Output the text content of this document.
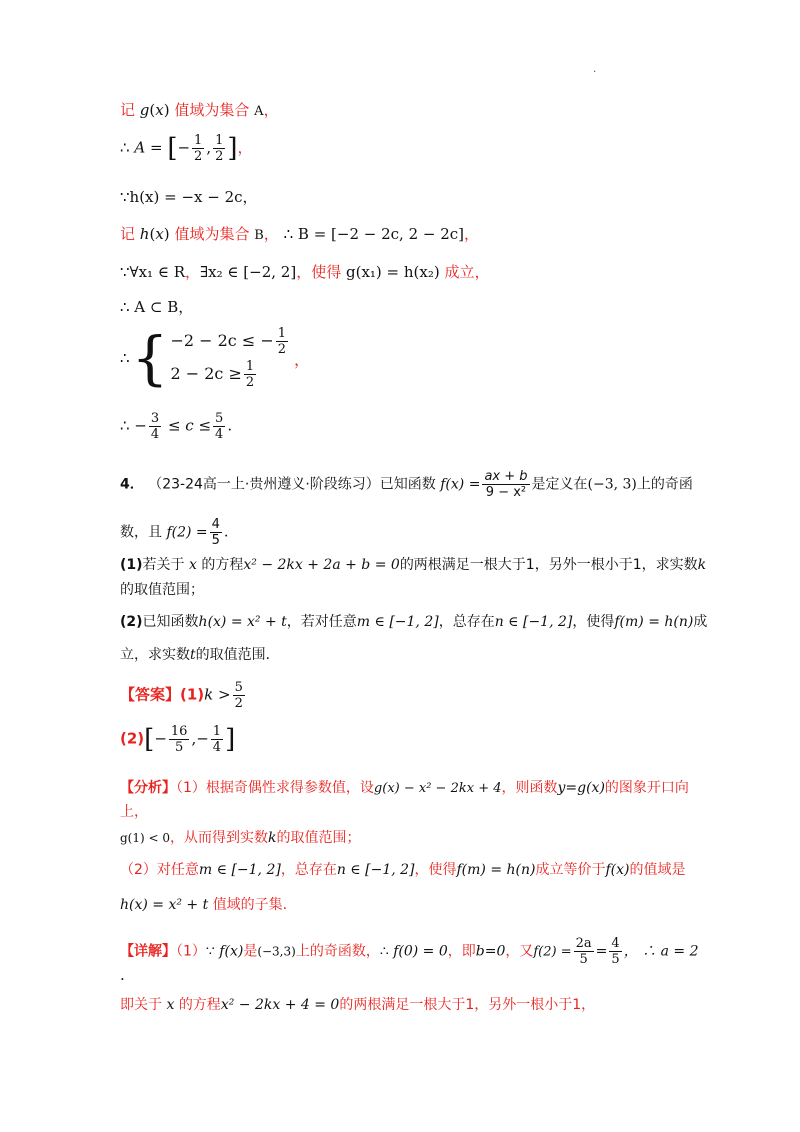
.
记 g(x) 值域为集合 A，
∴ A = [− $\frac{1}{2}$ , $\frac{1}{2}$ ]，
∵h(x) = −x − 2c，
记 h(x) 值域为集合 B， ∴ B = [−2 − 2c, 2 − 2c]，
∵∀x₁ ∈ R，∃x₂ ∈ [−2, 2]，使得 g(x₁) = h(x₂) 成立，
∴ A ⊂ B，
∴ { −2 − 2c ≤ − $\frac{1}{2}$
$2 - 2c \ge \frac{1}{2}$
，
∴ − $\frac{3}{4} \le c \le \frac{5}{4}$ .
4． （23-24高一上·贵州遵义·阶段练习）已知函数 $f(x) = \frac{ax + b}{\text{9 − x²}}$ 是定义在(−3, 3)上的奇函
数，且 $f(2) = \frac{4}{5}$ ．
(1)若关于 x 的方程x² − 2kx + 2a + b = 0的两根满足一根大于1，另外一根小于1，求实数k
的取值范围；
(2)已知函数h(x) = x² + t，若对任意m ∈ [−1, 2]，总存在n ∈ [−1, 2]，使得f(m) = h(n)成
立，求实数t的取值范围．
【答案】$(1)k > \frac{5}{2}$
$(2)[- \frac{16}{5}$ ,− $\frac{1}{4}$ ]
【分析】（1）根据奇偶性求得参数值，设g(x) − x² − 2kx + 4，则函数y=g(x)的图象开口向
上，
g(1) < 0，从而得到实数k的取值范围；
（2）对任意m ∈ [−1, 2]，总存在n ∈ [−1, 2]，使得f(m) = h(n)成立等价于f(x)的值域是
h(x) = x² + t 值域的子集.
【详解】（1）∵ f(x)是(−3,3)上的奇函数，∴ f(0) = 0，即b=0，又$f(2) = \frac{2a}{5} = \frac{4}{5}$ ， ∴ a = 2
.
即关于 x 的方程x² − 2kx + 4 = 0的两根满足一根大于1，另外一根小于1，
